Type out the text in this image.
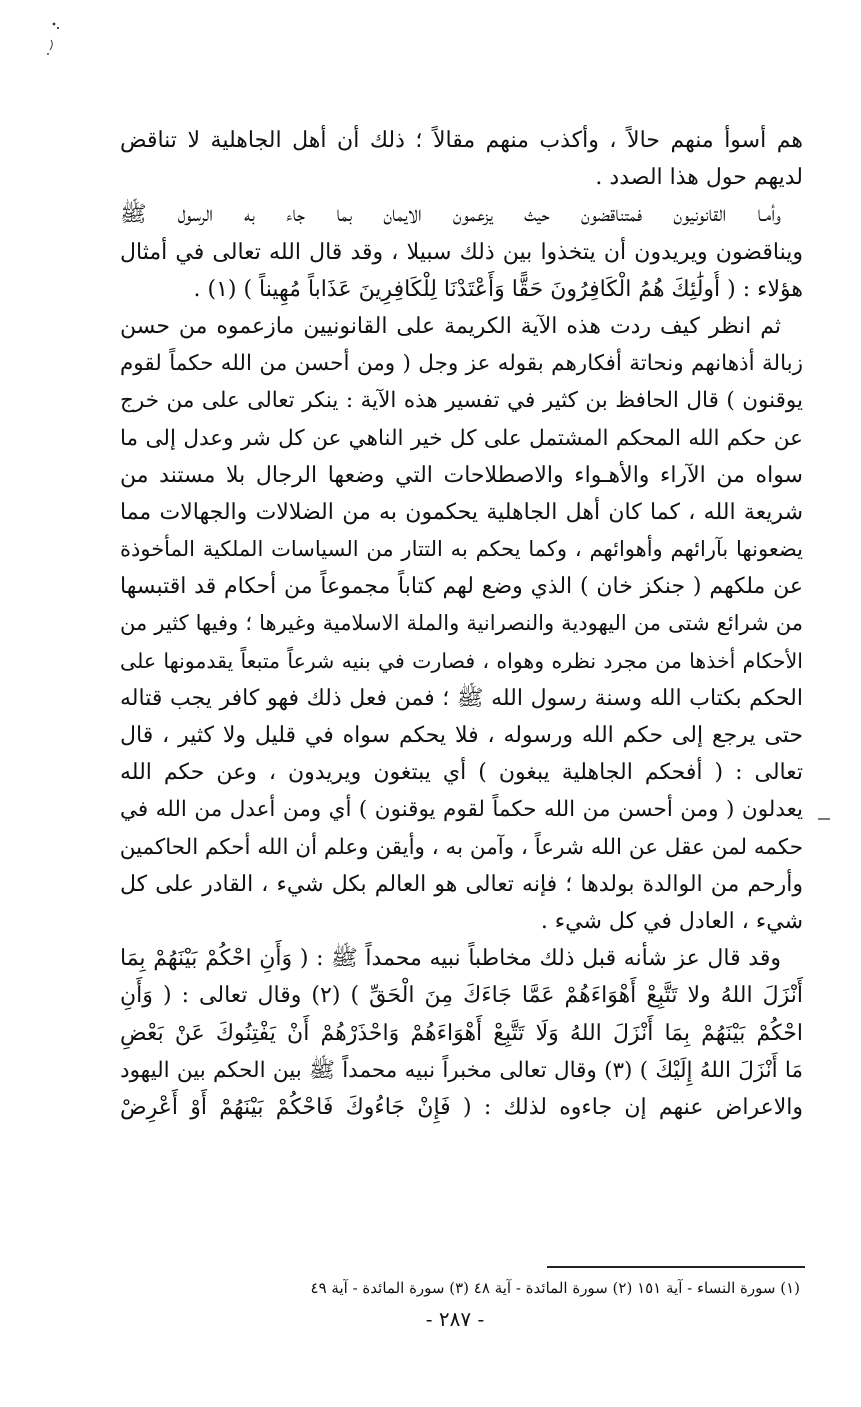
هم أسوأ منهم حالاً ، وأكذب منهم مقالاً ؛ ذلك أن أهل الجاهلية لا تناقض
لديهم حول هذا الصدد .
وأمـا القانونيون فمتناقضون حيث يزعمون الايمان بما جاء به الرسول ﷺ
ويناقضون ويريدون أن يتخذوا بين ذلك سبيلا ، وقد قال الله تعالى في أمثال
هؤلاء : ( أُولَٰئِكَ هُمُ الْكَافِرُونَ حَقًّا وَأَعْتَدْنَا لِلْكَافِرِينَ عَذَاباً مُهِيناً ) (١) .
ثم انظر كيف ردت هذه الآية الكريمة على القانونيين مازعموه من حسن
زبالة أذهانهم ونحاتة أفكارهم بقوله عز وجل ( ومن أحسن من الله حكماً لقوم
يوقنون ) قال الحافظ بن كثير في تفسير هذه الآية : ينكر تعالى على من خرج
عن حكم الله المحكم المشتمل على كل خير الناهي عن كل شر وعدل إلى ما
سواه من الآراء والأهـواء والاصطلاحات التي وضعها الرجال بلا مستند من
شريعة الله ، كما كان أهل الجاهلية يحكمون به من الضلالات والجهالات مما
يضعونها بآرائهم وأهوائهم ، وكما يحكم به التتار من السياسات الملكية المأخوذة
عن ملكهم ( جنكز خان ) الذي وضع لهم كتاباً مجموعاً من أحكام قد اقتبسها
من شرائع شتى من اليهودية والنصرانية والملة الاسلامية وغيرها ؛ وفيها كثير من
الأحكام أخذها من مجرد نظره وهواه ، فصارت في بنيه شرعاً متبعاً يقدمونها على
الحكم بكتاب الله وسنة رسول الله ﷺ ؛ فمن فعل ذلك فهو كافر يجب قتاله
حتى يرجع إلى حكم الله ورسوله ، فلا يحكم سواه في قليل ولا كثير ، قال
تعالى : ( أفحكم الجاهلية يبغون ) أي يبتغون ويريدون ، وعن حكم الله
يعدلون ( ومن أحسن من الله حكماً لقوم يوقنون ) أي ومن أعدل من الله في
حكمه لمن عقل عن الله شرعاً ، وآمن به ، وأيقن وعلم أن الله أحكم الحاكمين
وأرحم من الوالدة بولدها ؛ فإنه تعالى هو العالم بكل شيء ، القادر على كل
شيء ، العادل في كل شيء .
وقد قال عز شأنه قبل ذلك مخاطباً نبيه محمداً ﷺ : ( وَأَنِ احْكُمْ بَيْنَهُمْ بِمَا
أَنْزَلَ اللهُ ولا تَتَّبِعْ أَهْوَاءَهُمْ عَمَّا جَاءَكَ مِنَ الْحَقِّ ) (٢) وقال تعالى : ( وَأَنِ
احْكُمْ بَيْنَهُمْ بِمَا أَنْزَلَ اللهُ وَلَا تَتَّبِعْ أَهْوَاءَهُمْ وَاحْذَرْهُمْ أَنْ يَفْتِنُوكَ عَنْ بَعْضِ
مَا أَنْزَلَ اللهُ إِلَيْكَ ) (٣) وقال تعالى مخبراً نبيه محمداً ﷺ بين الحكم بين اليهود
والاعراض عنهم إن جاءوه لذلك : ( فَإِنْ جَاءُوكَ فَاحْكُمْ بَيْنَهُمْ أَوْ أَعْرِضْ
(١) سورة النساء - آية ١٥١ (٢) سورة المائدة - آية ٤٨ (٣) سورة المائدة - آية ٤٩
- ٢٨٧ -
